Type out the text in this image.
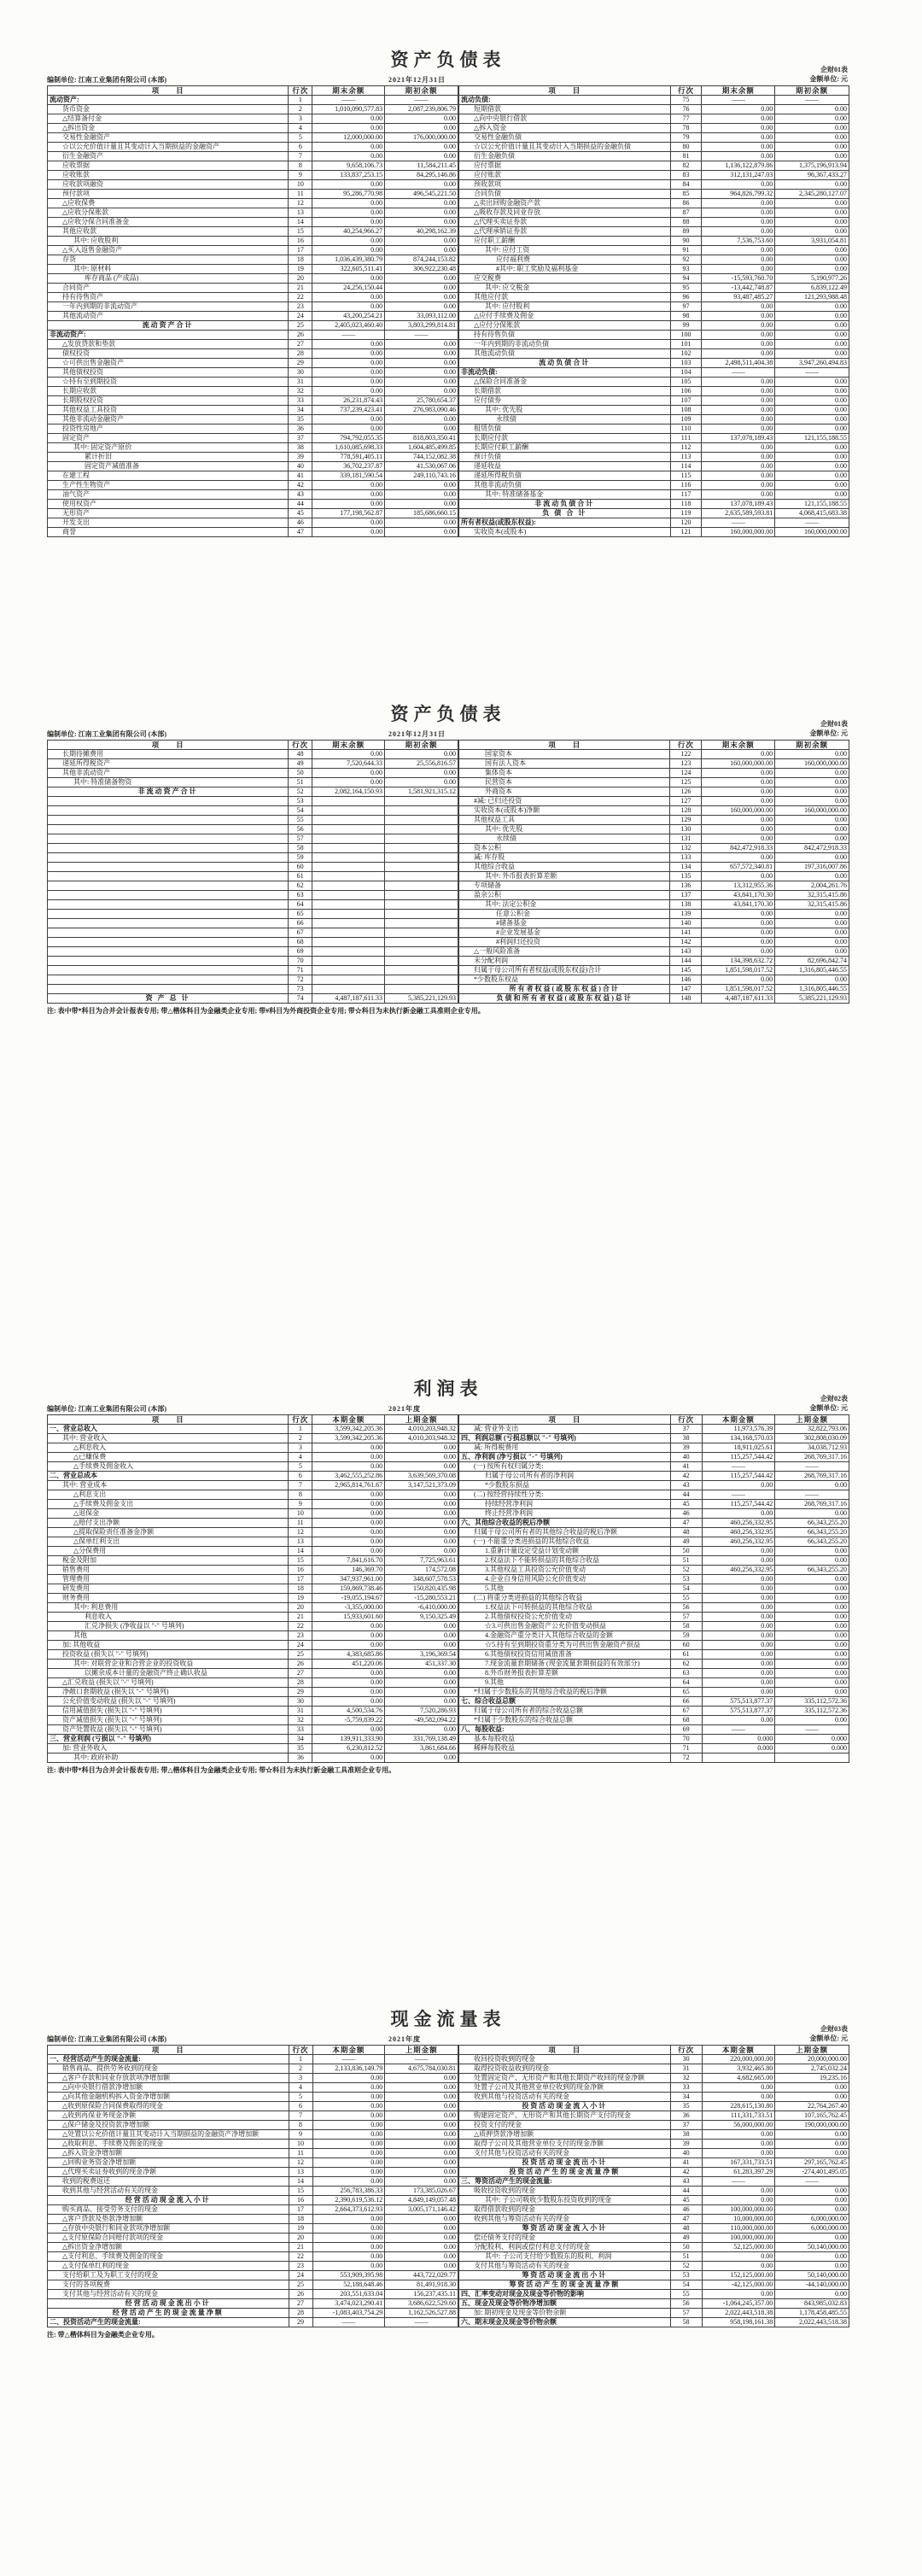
资产负债表	企财01表
金额单位: 元
编制单位: 江南工业集团有限公司 (本部)	2021年12月31日
项　　目	行次	期末余额	期初余额
流动资产:	1	——	——
货币资金	2	1,010,090,577.83	2,087,239,806.79
△结算备付金	3	0.00	0.00
△拆出资金	4	0.00	0.00
交易性金融资产	5	12,000,000.00	176,000,000.00
☆以公允价值计量且其变动计入当期损益的金融资产	6	0.00	0.00
衍生金融资产	7	0.00	0.00
应收票据	8	9,658,106.73	11,584,211.45
应收账款	9	133,837,253.15	84,295,146.86
应收款项融资	10	0.00	0.00
预付款项	11	95,286,770.98	496,545,221.50
△应收保费	12	0.00	0.00
△应收分保账款	13	0.00	0.00
△应收分保合同准备金	14	0.00	0.00
其他应收款	15	40,254,966.27	40,298,162.39
其中: 应收股利	16	0.00	0.00
△买入返售金融资产	17	0.00	0.00
存货	18	1,036,439,380.79	874,244,153.82
其中: 原材料	19	322,605,511.41	306,922,230.48
库存商品 (产成品)	20	0.00	0.00
合同资产	21	24,256,150.44	0.00
持有待售资产	22	0.00	0.00
一年内到期的非流动资产	23	0.00	0.00
其他流动资产	24	43,200,254.21	33,093,112.00
流动资产合计	25	2,405,023,460.40	3,803,299,814.81
非流动资产:	26	——	——
△发放贷款和垫款	27	0.00	0.00
债权投资	28	0.00	0.00
☆可供出售金融资产	29	0.00	0.00
其他债权投资	30	0.00	0.00
☆持有至到期投资	31	0.00	0.00
长期应收款	32	0.00	0.00
长期股权投资	33	26,231,874.43	25,780,654.37
其他权益工具投资	34	737,239,423.41	276,983,090.46
其他非流动金融资产	35	0.00	0.00
投资性房地产	36	0.00	0.00
固定资产	37	794,792,055.35	818,803,350.41
其中: 固定资产原价	38	1,610,085,698.33	1,604,485,499.85
累计折旧	39	778,591,405.11	744,152,082.38
固定资产减值准备	40	36,702,237.87	41,530,067.06
在建工程	41	339,181,590.54	249,110,743.16
生产性生物资产	42	0.00	0.00
油气资产	43	0.00	0.00
使用权资产	44	0.00	0.00
无形资产	45	177,198,562.87	185,686,660.15
开发支出	46	0.00	0.00
商誉	47	0.00	0.00
项　　目	行次	期末余额	期初余额
流动负债:	75	——	——
短期借款	76	0.00	0.00
△向中央银行借款	77	0.00	0.00
△拆入资金	78	0.00	0.00
交易性金融负债	79	0.00	0.00
☆以公允价值计量且其变动计入当期损益的金融负债	80	0.00	0.00
衍生金融负债	81	0.00	0.00
应付票据	82	1,136,122,879.86	1,375,196,913.94
应付账款	83	312,131,247.03	96,367,433.27
预收款项	84	0.00	0.00
合同负债	85	964,826,799.32	2,345,280,127.07
△卖出回购金融资产款	86	0.00	0.00
△吸收存款及同业存放	87	0.00	0.00
△代理买卖证券款	88	0.00	0.00
△代理承销证券款	89	0.00	0.00
应付职工薪酬	90	7,536,753.60	3,931,054.81
其中: 应付工资	91	0.00	0.00
应付福利费	92	0.00	0.00
#其中: 职工奖励及福利基金	93	0.00	0.00
应交税费	94	-15,593,760.70	5,190,977.26
其中: 应交税金	95	-13,442,748.87	6,839,122.49
其他应付款	96	93,487,485.27	121,293,988.48
其中: 应付股利	97	0.00	0.00
△应付手续费及佣金	98	0.00	0.00
△应付分保账款	99	0.00	0.00
持有待售负债	100	0.00	0.00
一年内到期的非流动负债	101	0.00	0.00
其他流动负债	102	0.00	0.00
流动负债合计	103	2,498,511,404.38	3,947,260,494.83
非流动负债:	104	——	——
△保险合同准备金	105	0.00	0.00
长期借款	106	0.00	0.00
应付债券	107	0.00	0.00
其中: 优先股	108	0.00	0.00
永续债	109	0.00	0.00
租赁负债	110	0.00	0.00
长期应付款	111	137,078,189.43	121,155,188.55
长期应付职工薪酬	112	0.00	0.00
预计负债	113	0.00	0.00
递延收益	114	0.00	0.00
递延所得税负债	115	0.00	0.00
其他非流动负债	116	0.00	0.00
其中: 特准储备基金	117	0.00	0.00
非流动负债合计	118	137,078,189.43	121,155,188.55
负 债 合 计	119	2,635,589,593.81	4,068,415,683.38
所有者权益(或股东权益):	120	——	——
实收资本(或股本)	121	160,000,000.00	160,000,000.00
资产负债表	企财01表
金额单位: 元
编制单位: 江南工业集团有限公司 (本部)	2021年12月31日
项　　目	行次	期末余额	期初余额
长期待摊费用	48	0.00	0.00
递延所得税资产	49	7,520,644.33	25,556,816.57
其他非流动资产	50	0.00	0.00
其中: 特准储备物资	51	0.00	0.00
非流动资产合计	52	2,082,164,150.93	1,581,921,315.12
	53		
	54		
	55		
	56		
	57		
	58		
	59		
	60		
	61		
	62		
	63		
	64		
	65		
	66		
	67		
	68		
	69		
	70		
	71		
	72		
	73		
资 产 总 计	74	4,487,187,611.33	5,385,221,129.93
项　　目	行次	期末余额	期初余额
国家资本	122	0.00	0.00
国有法人资本	123	160,000,000.00	160,000,000.00
集体资本	124	0.00	0.00
民营资本	125	0.00	0.00
外商资本	126	0.00	0.00
#减: 已归还投资	127	0.00	0.00
实收资本(或股本)净额	128	160,000,000.00	160,000,000.00
其他权益工具	129	0.00	0.00
其中: 优先股	130	0.00	0.00
永续债	131	0.00	0.00
资本公积	132	842,472,918.33	842,472,918.33
减: 库存股	133	0.00	0.00
其他综合收益	134	657,572,340.81	197,316,007.86
其中: 外币报表折算差额	135	0.00	0.00
专项储备	136	13,312,955.36	2,004,261.76
盈余公积	137	43,841,170.30	32,315,415.86
其中: 法定公积金	138	43,841,170.30	32,315,415.86
任意公积金	139	0.00	0.00
#储备基金	140	0.00	0.00
#企业发展基金	141	0.00	0.00
#利润归还投资	142	0.00	0.00
△一般风险准备	143	0.00	0.00
未分配利润	144	134,398,632.72	82,696,842.74
归属于母公司所有者权益(或股东权益)合计	145	1,851,598,017.52	1,316,805,446.55
*少数股东权益	146	0.00	0.00
所有者权益(或股东权益)合计	147	1,851,598,017.52	1,316,805,446.55
负债和所有者权益(或股东权益)总计	148	4,487,187,611.33	5,385,221,129.93
注: 表中带*科目为合并会计报表专用; 带△楷体科目为金融类企业专用; 带#科目为外商投资企业专用; 带☆科目为未执行新金融工具准则企业专用。
利润表	企财02表
金额单位: 元
编制单位: 江南工业集团有限公司 (本部)	2021年度
项　　目	行次	本期金额	上期金额
一、营业总收入	1	3,599,342,205.36	4,010,203,948.32
其中: 营业收入	2	3,599,342,205.36	4,010,203,948.32
△利息收入	3	0.00	0.00
△已赚保费	4	0.00	0.00
△手续费及佣金收入	5	0.00	0.00
二、营业总成本	6	3,462,555,252.86	3,639,569,370.08
其中: 营业成本	7	2,965,814,761.67	3,147,521,373.09
△利息支出	8	0.00	0.00
△手续费及佣金支出	9	0.00	0.00
△退保金	10	0.00	0.00
△赔付支出净额	11	0.00	0.00
△提取保险责任准备金净额	12	0.00	0.00
△保单红利支出	13	0.00	0.00
△分保费用	14	0.00	0.00
税金及附加	15	7,841,616.70	7,725,963.61
销售费用	16	146,369.70	174,572.08
管理费用	17	347,937,961.00	348,607,578.53
研发费用	18	159,869,738.46	150,820,435.98
财务费用	19	-19,055,194.67	-15,280,553.21
其中: 利息费用	20	-3,355,000.00	-6,410,000.00
利息收入	21	15,933,601.60	9,150,325.49
汇兑净损失 (净收益以 "-" 号填列)	22	0.00	0.00
其他	23	0.00	0.00
加: 其他收益	24	0.00	0.00
投资收益 (损失以 "-" 号填列)	25	4,383,685.86	3,196,369.54
其中: 对联营企业和合营企业的投资收益	26	451,220.06	451,337.30
以摊余成本计量的金融资产终止确认收益	27	0.00	0.00
△汇兑收益 (损失以 "-" 号填列)	28	0.00	0.00
净敞口套期收益 (损失以 "-" 号填列)	29	0.00	0.00
公允价值变动收益 (损失以 "-" 号填列)	30	0.00	0.00
信用减值损失 (损失以 "-" 号填列)	31	4,500,534.76	7,520,286.93
资产减值损失 (损失以 "-" 号填列)	32	-5,759,839.22	-49,582,094.22
资产处置收益 (损失以 "-" 号填列)	33	0.00	0.00
三、营业利润 (亏损以 "-" 号填列)	34	139,911,333.90	331,769,138.49
加: 营业外收入	35	6,230,812.52	3,861,684.66
其中: 政府补助	36	0.00	0.00
项　　目	行次	本期金额	上期金额
减: 营业外支出	37	11,973,576.39	32,822,793.06
四、利润总额 (亏损总额以 "-" 号填列)	38	134,168,570.03	302,808,030.09
减: 所得税费用	39	18,911,025.61	34,038,712.93
五、净利润 (净亏损以 "-" 号填列)	40	115,257,544.42	268,769,317.16
(一) 按所有权归属分类:	41	——	——
归属于母公司所有者的净利润	42	115,257,544.42	268,769,317.16
*少数股东损益	43	0.00	0.00
(二) 按经营持续性分类:	44	——	——
持续经营净利润	45	115,257,544.42	268,769,317.16
终止经营净利润	46	0.00	0.00
六、其他综合收益的税后净额	47	460,256,332.95	66,343,255.20
归属于母公司所有者的其他综合收益的税后净额	48	460,256,332.95	66,343,255.20
(一) 不能重分类进损益的其他综合收益	49	460,256,332.95	66,343,255.20
1.重新计量设定受益计划变动额	50	0.00	0.00
2.权益法下不能转损益的其他综合收益	51	0.00	0.00
3.其他权益工具投资公允价值变动	52	460,256,332.95	66,343,255.20
4.企业自身信用风险公允价值变动	53	0.00	0.00
5.其他	54	0.00	0.00
(二) 将重分类进损益的其他综合收益	55	0.00	0.00
1.权益法下可转损益的其他综合收益	56	0.00	0.00
2.其他债权投资公允价值变动	57	0.00	0.00
☆3.可供出售金融资产公允价值变动损益	58	0.00	0.00
4.金融资产重分类计入其他综合收益的金额	59	0.00	0.00
☆5.持有至到期投资重分类为可供出售金融资产损益	60	0.00	0.00
6.其他债权投资信用减值准备	61	0.00	0.00
7.现金流量套期储备 (现金流量套期损益的有效部分)	62	0.00	0.00
8.外币财务报表折算差额	63	0.00	0.00
9.其他	64	0.00	0.00
*归属于少数股东的其他综合收益的税后净额	65	0.00	0.00
七、综合收益总额	66	575,513,877.37	335,112,572.36
归属于母公司所有者的综合收益总额	67	575,513,877.37	335,112,572.36
*归属于少数股东的综合收益总额	68	0.00	0.00
八、每股收益:	69	——	——
基本每股收益	70	0.000	0.000
稀释每股收益	71	0.000	0.000
	72		
注: 表中带*科目为合并会计报表专用; 带△楷体科目为金融类企业专用; 带☆科目为未执行新金融工具准则企业专用。
现金流量表	企财03表
金额单位: 元
编制单位: 江南工业集团有限公司 (本部)	2021年度
项　　目	行次	本期金额	上期金额
一、经营活动产生的现金流量:	1	——	——
销售商品、提供劳务收到的现金	2	2,133,836,149.79	4,675,784,030.81
△客户存款和同业存放款项净增加额	3	0.00	0.00
△向中央银行借款净增加额	4	0.00	0.00
△向其他金融机构拆入资金净增加额	5	0.00	0.00
△收到原保险合同保费取得的现金	6	0.00	0.00
△收到再保业务现金净额	7	0.00	0.00
△保户储金及投资款净增加额	8	0.00	0.00
△处置以公允价值计量且其变动计入当期损益的金融资产净增加额	9	0.00	0.00
△收取利息、手续费及佣金的现金	10	0.00	0.00
△拆入资金净增加额	11	0.00	0.00
△回购业务资金净增加额	12	0.00	0.00
△代理买卖证券收到的现金净额	13	0.00	0.00
收到的税费返还	14	0.00	0.00
收到其他与经营活动有关的现金	15	256,783,386.33	173,385,026.67
经营活动现金流入小计	16	2,390,619,536.12	4,849,149,057.48
购买商品、接受劳务支付的现金	17	2,664,373,612.93	3,005,171,146.42
△客户贷款及垫款净增加额	18	0.00	0.00
△存放中央银行和同业款项净增加额	19	0.00	0.00
△支付原保险合同赔付款项的现金	20	0.00	0.00
△拆出资金净增加额	21	0.00	0.00
△支付利息、手续费及佣金的现金	22	0.00	0.00
△支付保单红利的现金	23	0.00	0.00
支付给职工及为职工支付的现金	24	553,909,395.98	443,722,029.77
支付的各项税费	25	52,188,648.46	81,491,918.30
支付其他与经营活动有关的现金	26	203,551,633.04	156,237,435.11
经营活动现金流出小计	27	3,474,023,290.41	3,686,622,529.60
经营活动产生的现金流量净额	28	-1,083,403,754.29	1,162,526,527.88
二、投资活动产生的现金流量:	29	——	——
项　　目	行次	本期金额	上期金额
收回投资收到的现金	30	220,000,000.00	20,000,000.00
取得投资收益收到的现金	31	3,932,465.80	2,745,032.24
处置固定资产、无形资产和其他长期资产收回的现金净额	32	4,682,665.00	19,235.16
处置子公司及其他营业单位收到的现金净额	33	0.00	0.00
收到其他与投资活动有关的现金	34	0.00	0.00
投资活动现金流入小计	35	228,615,130.80	22,764,267.40
购建固定资产、无形资产和其他长期资产支付的现金	36	111,331,733.51	107,165,762.45
投资支付的现金	37	56,000,000.00	190,000,000.00
△质押贷款净增加额	38	0.00	0.00
取得子公司及其他营业单位支付的现金净额	39	0.00	0.00
支付其他与投资活动有关的现金	40	0.00	0.00
投资活动现金流出小计	41	167,331,733.51	297,165,762.45
投资活动产生的现金流量净额	42	61,283,397.29	-274,401,495.05
三、筹资活动产生的现金流量:	43	——	——
吸收投资收到的现金	44	0.00	0.00
其中: 子公司吸收少数股东投资收到的现金	45	0.00	0.00
取得借款收到的现金	46	100,000,000.00	0.00
收到其他与筹资活动有关的现金	47	10,000,000.00	6,000,000.00
筹资活动现金流入小计	48	110,000,000.00	6,000,000.00
偿还债务支付的现金	49	100,000,000.00	0.00
分配股利、利润或偿付利息支付的现金	50	52,125,000.00	50,140,000.00
其中: 子公司支付给少数股东的股利、利润	51	0.00	0.00
支付其他与筹资活动有关的现金	52	0.00	0.00
筹资活动现金流出小计	53	152,125,000.00	50,140,000.00
筹资活动产生的现金流量净额	54	-42,125,000.00	-44,140,000.00
四、汇率变动对现金及现金等价物的影响	55	0.00	0.00
五、现金及现金等价物净增加额	56	-1,064,245,357.00	843,985,032.83
加: 期初现金及现金等价物余额	57	2,022,443,518.38	1,178,458,485.55
六、期末现金及现金等价物余额	58	958,198,161.38	2,022,443,518.38
注: 带△楷体科目为金融类企业专用。
